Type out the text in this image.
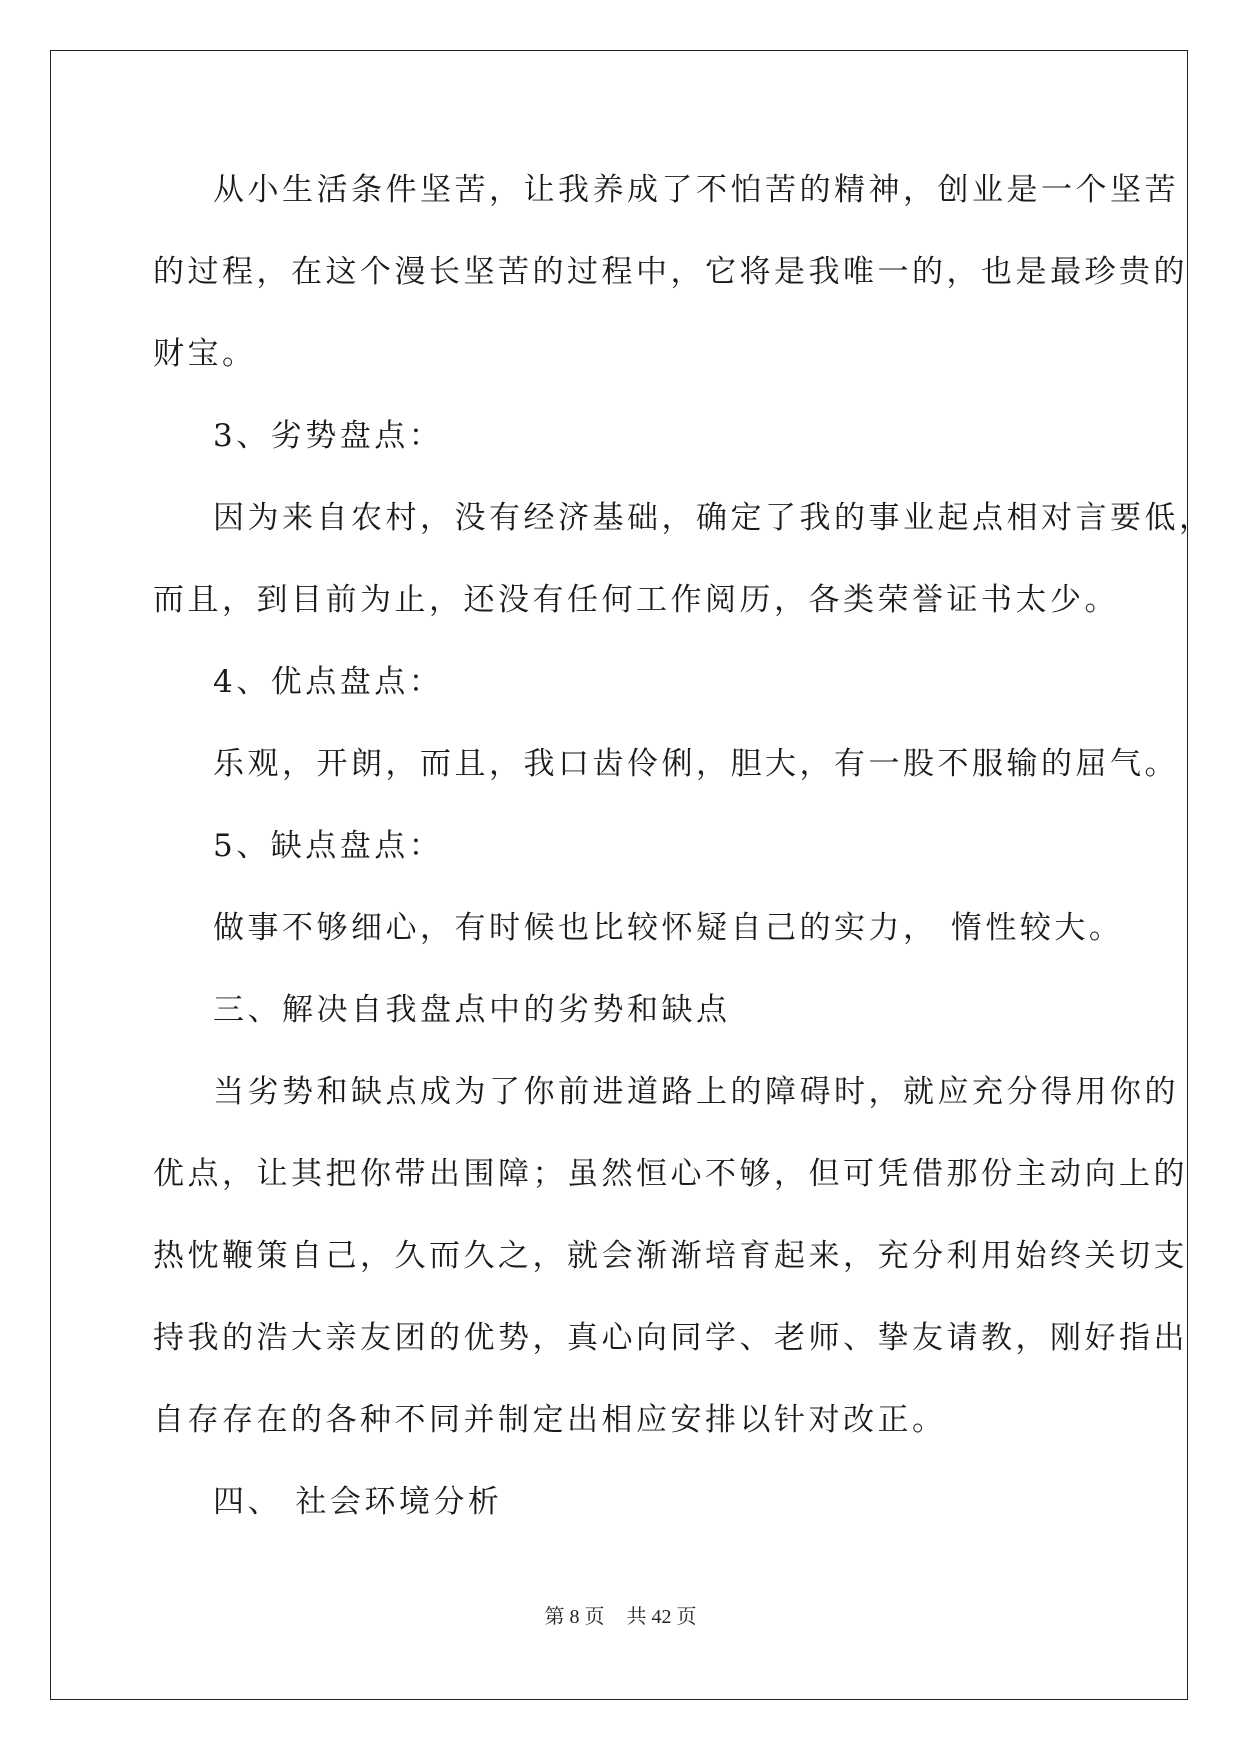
从小生活条件坚苦，让我养成了不怕苦的精神，创业是一个坚苦
的过程，在这个漫长坚苦的过程中，它将是我唯一的，也是最珍贵的
财宝。
3、劣势盘点：
因为来自农村，没有经济基础，确定了我的事业起点相对言要低，
而且，到目前为止，还没有任何工作阅历，各类荣誉证书太少。
4、优点盘点：
乐观，开朗，而且，我口齿伶俐，胆大，有一股不服输的屈气。
5、缺点盘点：
做事不够细心，有时候也比较怀疑自己的实力， 惰性较大。
三、解决自我盘点中的劣势和缺点
当劣势和缺点成为了你前进道路上的障碍时，就应充分得用你的
优点，让其把你带出围障；虽然恒心不够，但可凭借那份主动向上的
热忱鞭策自己，久而久之，就会渐渐培育起来，充分利用始终关切支
持我的浩大亲友团的优势，真心向同学、老师、挚友请教，刚好指出
自存存在的各种不同并制定出相应安排以针对改正。
四、 社会环境分析
第 8 页 共 42 页
